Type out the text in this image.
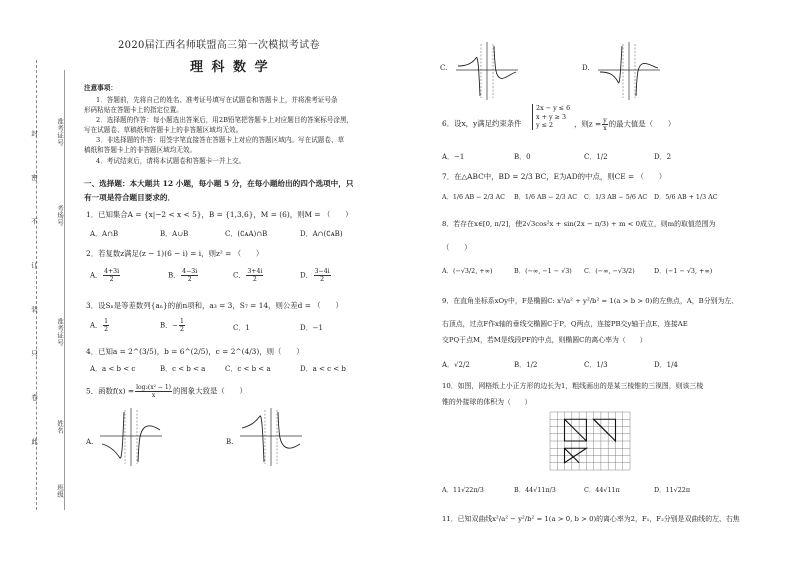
封
密
不
订
装
只
卷
此
准考证号
考场号
准考证号
姓名
班级
2020届江西名师联盟高三第一次模拟考试卷
理 科 数 学
注意事项：
1．答题前，先将自己的姓名、准考证号填写在试题卷和答题卡上，并将准考证号条
形码粘贴在答题卡上的指定位置。
2．选择题的作答：每小题选出答案后，用2B铅笔把答题卡上对应题目的答案标号涂黑，
写在试题卷、草稿纸和答题卡上的非答题区域均无效。
3．非选择题的作答：用签字笔直接答在答题卡上对应的答题区域内。写在试题卷、草
稿纸和答题卡上的非答题区域均无效。
4．考试结束后，请将本试题卷和答题卡一并上交。
一、选择题：本大题共 12 小题，每小题 5 分，在每小题给出的四个选项中，只
有一项是符合题目要求的．
1．已知集合A = {x|−2 < x < 5}，B = {1,3,6}，M = (6)，则M = （　　）
A．A∩B	B．A∪B	C．(∁ᴀA)∩B	D．A∩(∁ᴀB)
2．若复数z满足(z − 1)(6 − i) = i，则z² = （　　）
A． $\frac{4+3i}{2}$	B． $\frac{4-3i}{2}$	C． $\frac{3+4i}{2}$	D． $\frac{3-4i}{2}$
3．设Sₙ是等差数列{aₙ}的前n项和，a₃ = 3，S₇ = 14，则公差d = （　　）
A． $\frac{1}{2}$	B．− $\frac{1}{2}$	C．1	D．−1
4．已知a = 2^(3/5)，b = 6^(2/5)，c = 2^(4/3)，则（　　）
A．a < b < c	B．c < b < a	C．c < b < a	D．a < c < b
5．函数$f(x) = \frac{\text{log₂(x² − 1)}}{x}$ 的图象大致是（　　）
A.	B.
C.	D.
6．设x，y满足约束条件
2x − y ≤ 6
x + y ≥ 3
y ≤ 2	，则$z = \frac{y}{x}$ 的最大值是（　　）
A．−1	B．0	C．1/2	D．2
7．在△ABC中，BD = 2/3 BC，E为AD的中点，则CE = （　　）
A．1/6 AB − 2/3 AC B．1/6 AB − 2/3 AC C．1/3 AB − 5/6 AC D．5/6 AB + 1/3 AC
8．若存在x∈[0, π/2]，使2√3cos²x + sin(2x − π/3) + m < 0成立，则m的取值范围为
（　　）
A．(−√3/2, +∞)	B．(−∞, −1 − √3) C．(−∞, −√3/2)	D．(−1 − √3, +∞)
9．在直角坐标系xOy中，F是椭圆C: x²/a² + y²/b² = 1(a > b > 0)的左焦点，A，B分别为左、
右顶点，过点F作x轴的垂线交椭圆C于P，Q两点，连接PB交y轴于点E，连接AE
交PQ于点M，若M是线段PF的中点，则椭圆C的离心率为（　　）
A．√2/2	B．1/2	C．1/3	D．1/4
10．如图，网格纸上小正方形的边长为1，粗线画出的是某三棱锥的三视图，则该三棱
锥的外接球的体积为（　　）
A．11√22π/3	B．44√11π/3	C．44√11π	D．11√22π
11．已知双曲线x²/a² − y²/b² = 1(a > 0, b > 0)的离心率为2，F₁，F₂分别是双曲线的左、右焦
